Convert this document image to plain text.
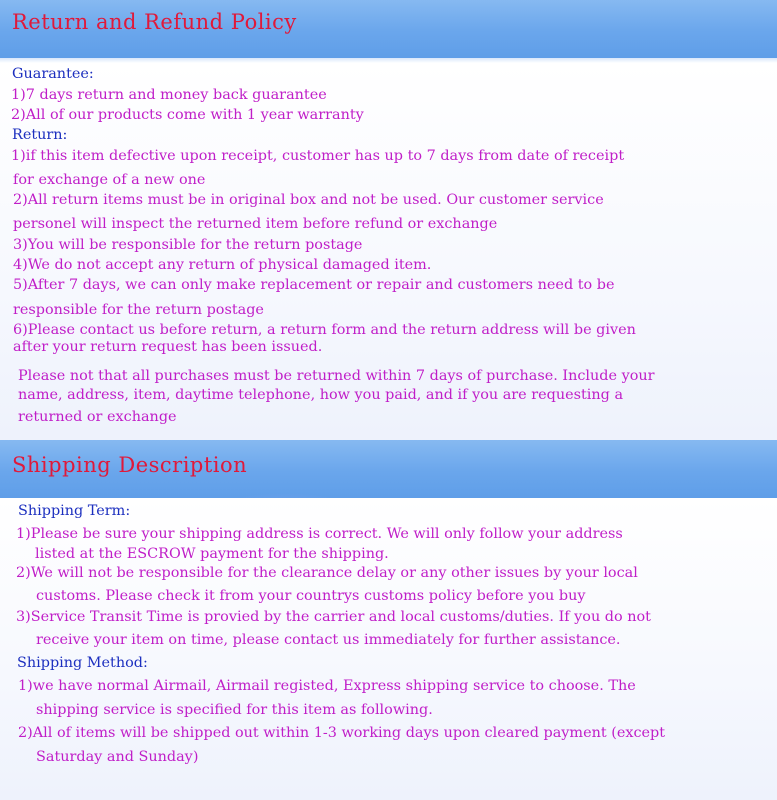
Return and Refund Policy

Guarantee:

1)7 days return and money back guarantee

2)All of our products come with 1 year warranty

Return:

1)if this item defective upon receipt, customer has up to 7 days from date of receipt

for exchange of a new one

2)All return items must be in original box and not be used. Our customer service

personel will inspect the returned item before refund or exchange

3)You will be responsible for the return postage

4)We do not accept any return of physical damaged item.

5)After 7 days, we can only make replacement or repair and customers need to be

responsible for the return postage

6)Please contact us before return, a return form and the return address will be given

after your return request has been issued.

Please not that all purchases must be returned within 7 days of purchase. Include your

name, address, item, daytime telephone, how you paid, and if you are requesting a

returned or exchange

Shipping Description

Shipping Term:

1)Please be sure your shipping address is correct. We will only follow your address

listed at the ESCROW payment for the shipping.

2)We will not be responsible for the clearance delay or any other issues by your local

customs. Please check it from your countrys customs policy before you buy

3)Service Transit Time is provied by the carrier and local customs/duties. If you do not

receive your item on time, please contact us immediately for further assistance.

Shipping Method:

1)we have normal Airmail, Airmail registed, Express shipping service to choose. The

shipping service is specified for this item as following.

2)All of items will be shipped out within 1-3 working days upon cleared payment (except

Saturday and Sunday)
